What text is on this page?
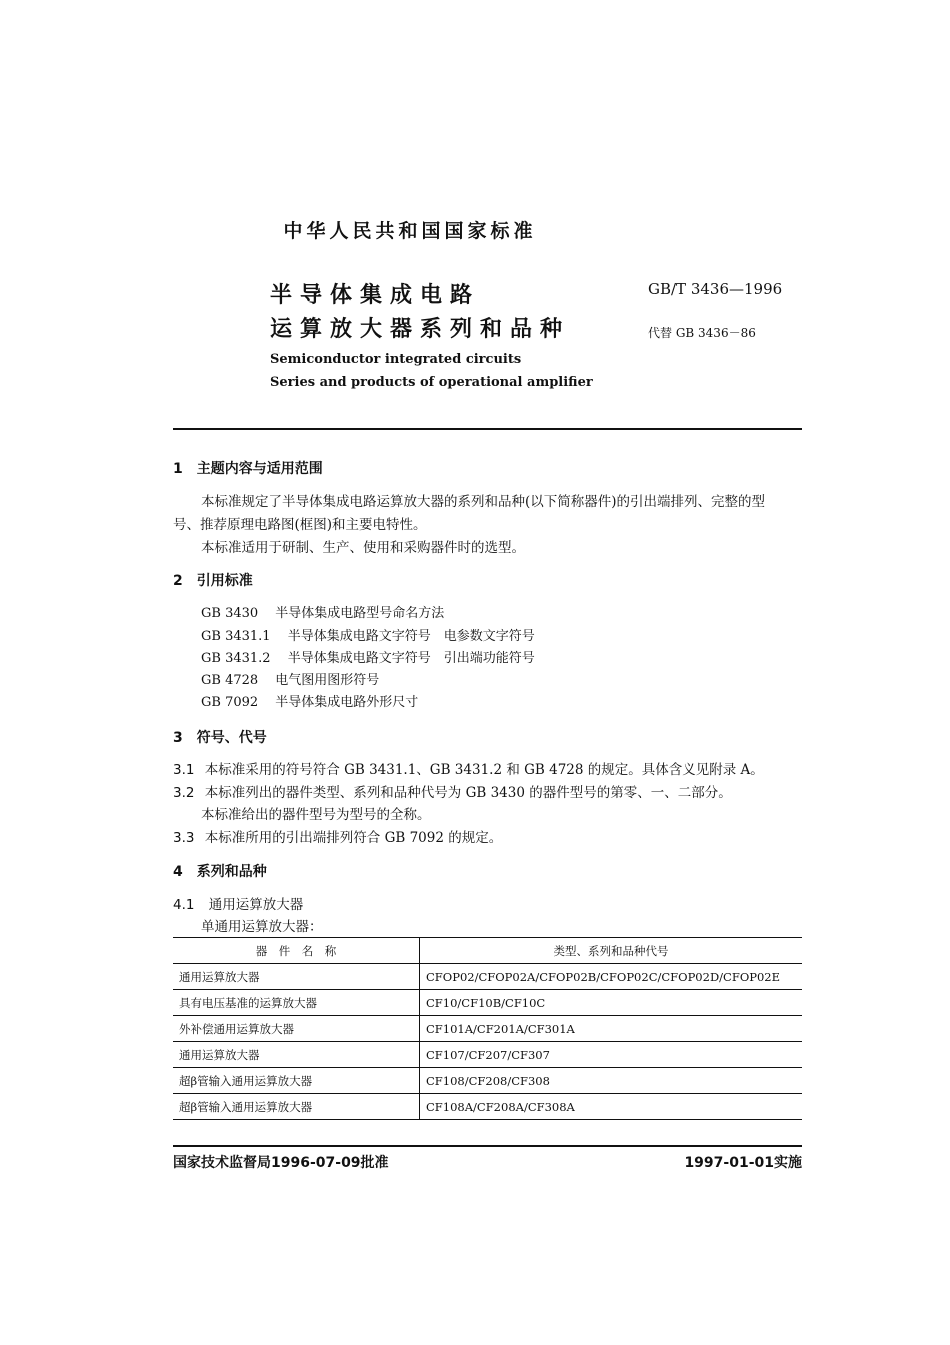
中华人民共和国国家标准
半导体集成电路
运算放大器系列和品种
Semiconductor integrated circuits
Series and products of operational amplifier
GB/T 3436—1996
代替 GB 3436－86
1　主题内容与适用范围
本标准规定了半导体集成电路运算放大器的系列和品种(以下简称器件)的引出端排列、完整的型
号、推荐原理电路图(框图)和主要电特性。
本标准适用于研制、生产、使用和采购器件时的选型。
2　引用标准
GB 3430　 半导体集成电路型号命名方法
GB 3431.1　 半导体集成电路文字符号　电参数文字符号
GB 3431.2　 半导体集成电路文字符号　引出端功能符号
GB 4728　 电气图用图形符号
GB 7092　 半导体集成电路外形尺寸
3　符号、代号
3.1 本标准采用的符号符合 GB 3431.1、GB 3431.2 和 GB 4728 的规定。具体含义见附录 A。
3.2 本标准列出的器件类型、系列和品种代号为 GB 3430 的器件型号的第零、一、二部分。
本标准给出的器件型号为型号的全称。
3.3 本标准所用的引出端排列符合 GB 7092 的规定。
4　系列和品种
4.1 通用运算放大器
单通用运算放大器：
器　件　名　称	类型、系列和品种代号
通用运算放大器	CFOP02/CFOP02A/CFOP02B/CFOP02C/CFOP02D/CFOP02E
具有电压基准的运算放大器	CF10/CF10B/CF10C
外补偿通用运算放大器	CF101A/CF201A/CF301A
通用运算放大器	CF107/CF207/CF307
超β管输入通用运算放大器	CF108/CF208/CF308
超β管输入通用运算放大器	CF108A/CF208A/CF308A
国家技术监督局1996-07-09批准	1997-01-01实施
